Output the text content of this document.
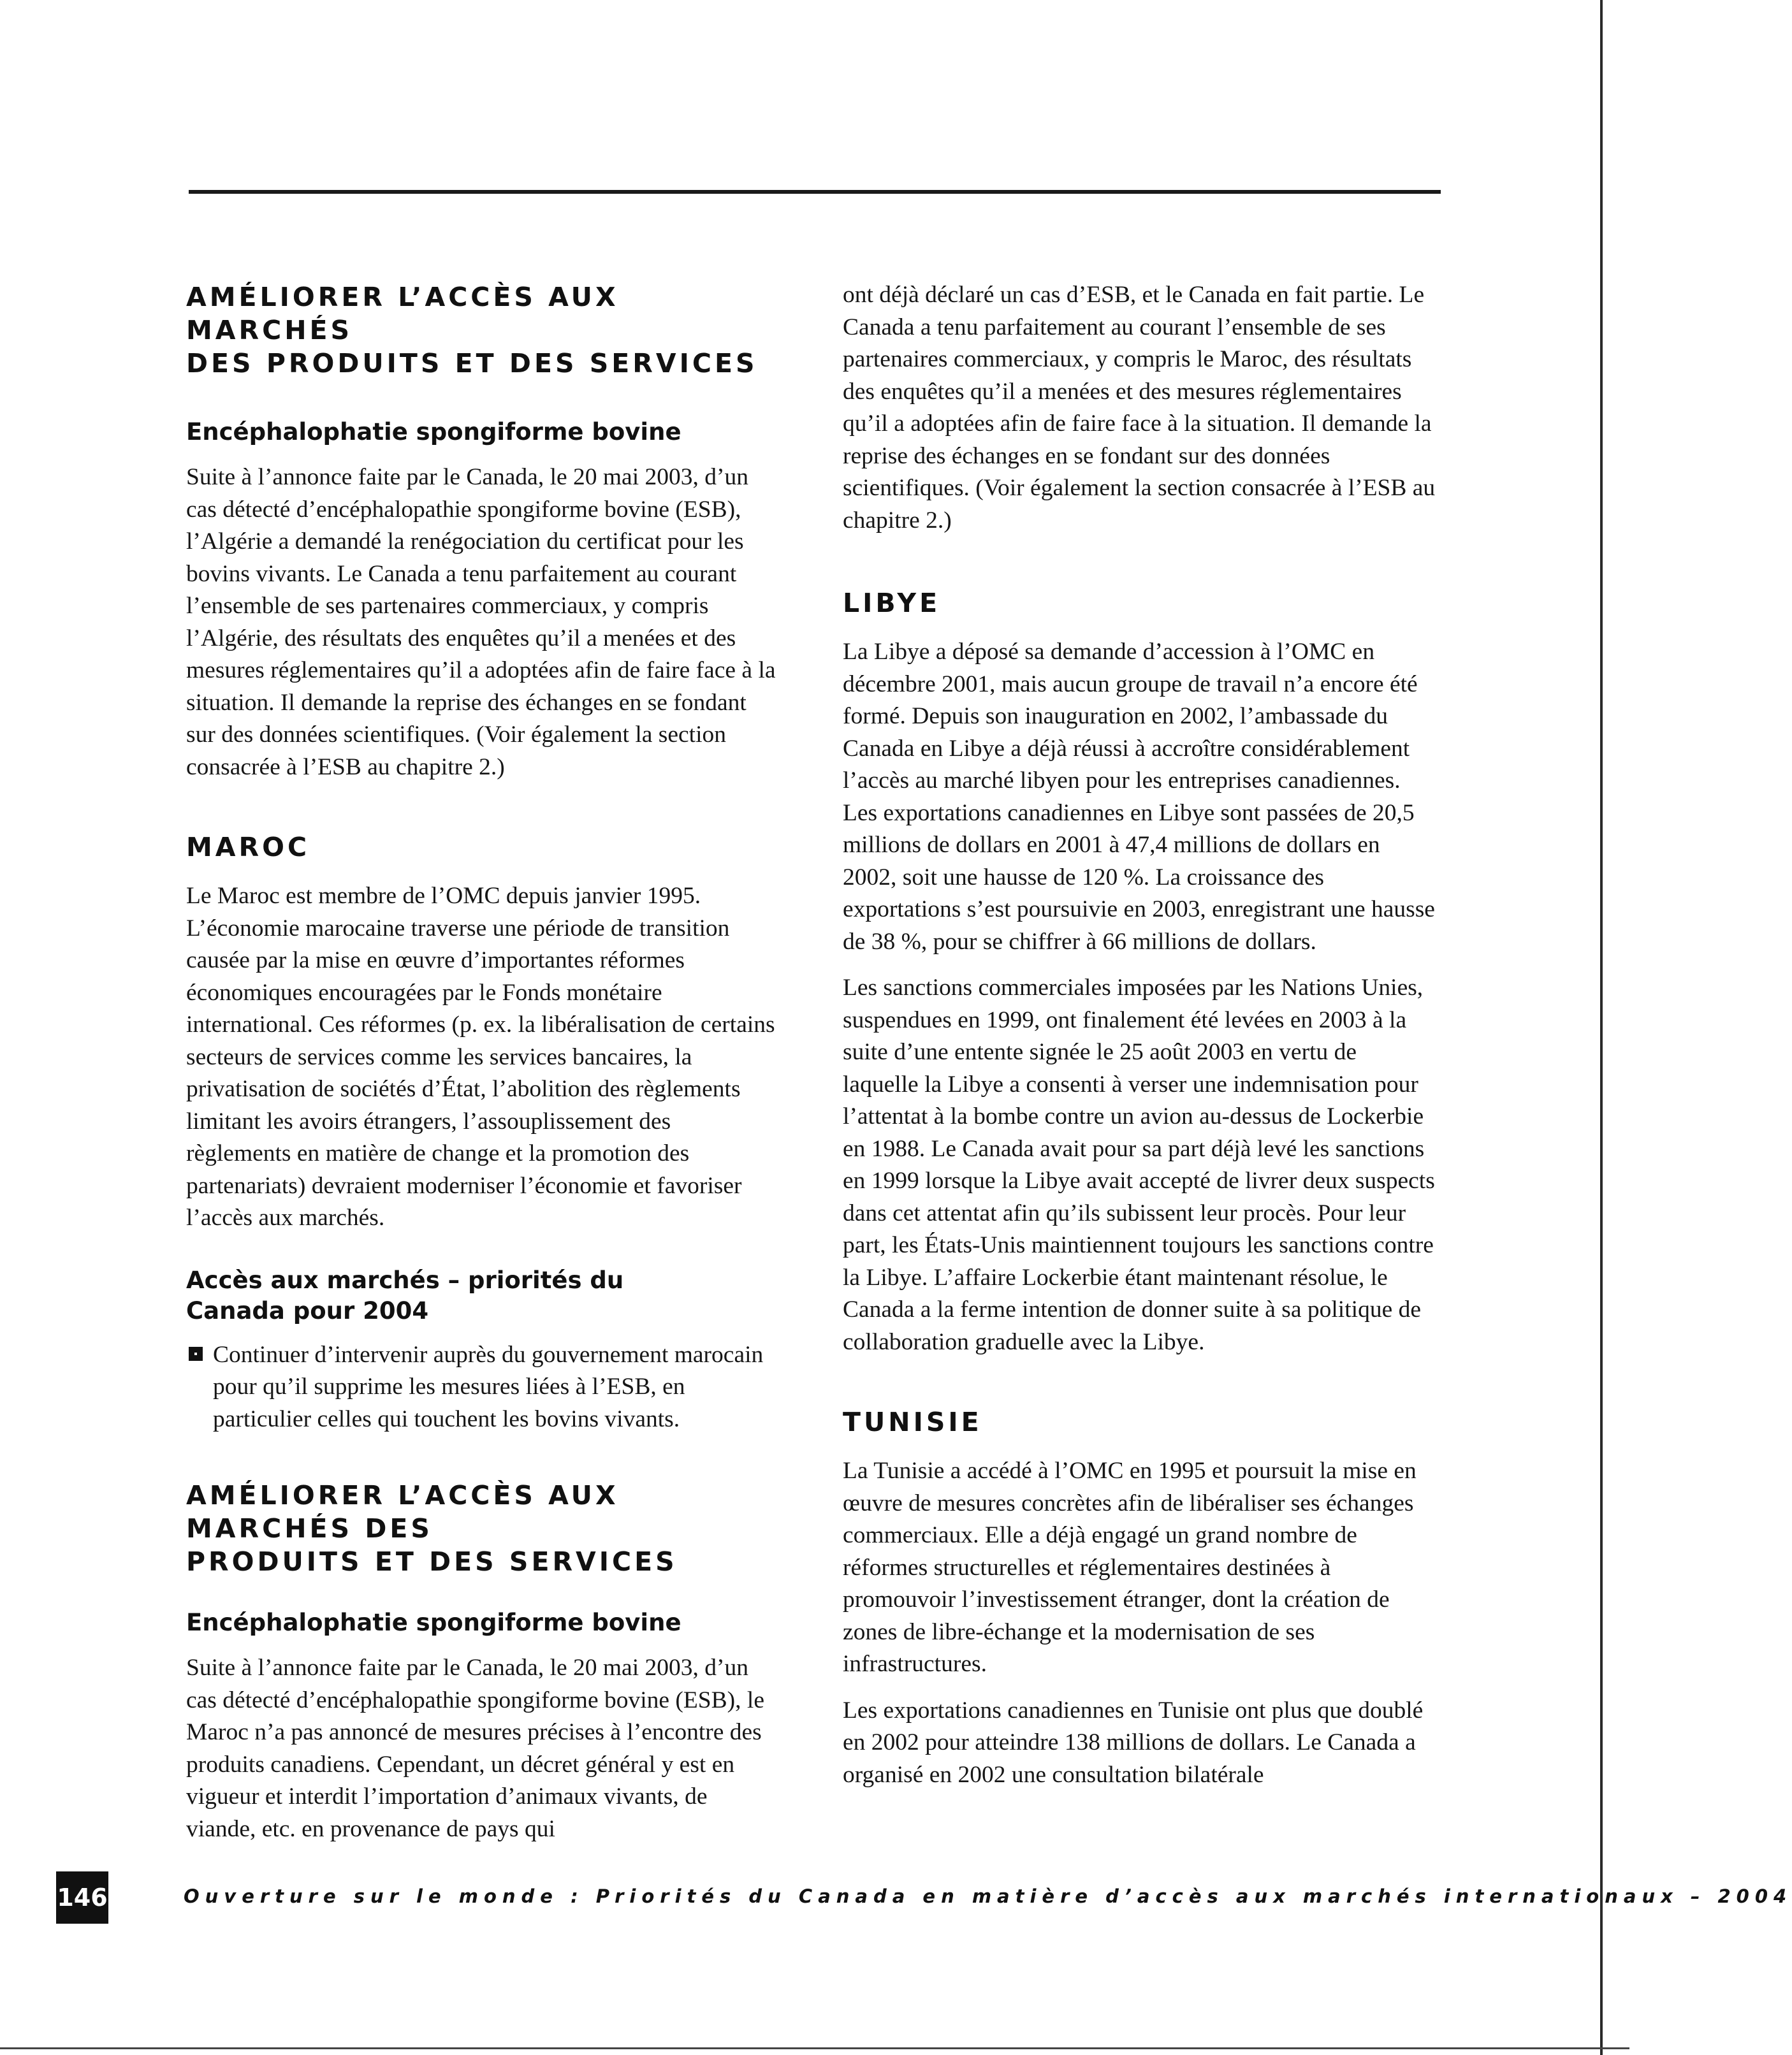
AMÉLIORER L’ACCÈS AUX MARCHÉS
DES PRODUITS ET DES SERVICES
Encéphalophatie spongiforme bovine

Suite à l’annonce faite par le Canada, le 20 mai 2003, d’un cas détecté d’encéphalopathie spongiforme bovine (ESB), l’Algérie a demandé la renégociation du certificat pour les bovins vivants. Le Canada a tenu parfaitement au courant l’ensemble de ses partenaires commerciaux, y compris l’Algérie, des résultats des enquêtes qu’il a menées et des mesures réglementaires qu’il a adoptées afin de faire face à la situation. Il demande la reprise des échanges en se fondant sur des données scientifiques. (Voir également la section consacrée à l’ESB au chapitre 2.)

MAROC

Le Maroc est membre de l’OMC depuis janvier 1995. L’économie marocaine traverse une période de transition causée par la mise en œuvre d’importantes réformes économiques encouragées par le Fonds monétaire international. Ces réformes (p. ex. la libéralisation de certains secteurs de services comme les services bancaires, la privatisation de sociétés d’État, l’abolition des règlements limitant les avoirs étrangers, l’assouplissement des règlements en matière de change et la promotion des partenariats) devraient moderniser l’économie et favoriser l’accès aux marchés.

Accès aux marchés – priorités du
Canada pour 2004

Continuer d’intervenir auprès du gouvernement marocain pour qu’il supprime les mesures liées à l’ESB, en particulier celles qui touchent les bovins vivants.

AMÉLIORER L’ACCÈS AUX MARCHÉS DES
PRODUITS ET DES SERVICES
Encéphalophatie spongiforme bovine

Suite à l’annonce faite par le Canada, le 20 mai 2003, d’un cas détecté d’encéphalopathie spongiforme bovine (ESB), le Maroc n’a pas annoncé de mesures précises à l’encontre des produits canadiens. Cependant, un décret général y est en vigueur et interdit l’importation d’animaux vivants, de viande, etc. en provenance de pays qui

ont déjà déclaré un cas d’ESB, et le Canada en fait partie. Le Canada a tenu parfaitement au courant l’ensemble de ses partenaires commerciaux, y compris le Maroc, des résultats des enquêtes qu’il a menées et des mesures réglementaires qu’il a adoptées afin de faire face à la situation. Il demande la reprise des échanges en se fondant sur des données scientifiques. (Voir également la section consacrée à l’ESB au chapitre 2.)

LIBYE

La Libye a déposé sa demande d’accession à l’OMC en décembre 2001, mais aucun groupe de travail n’a encore été formé. Depuis son inauguration en 2002, l’ambassade du Canada en Libye a déjà réussi à accroître considérablement l’accès au marché libyen pour les entreprises canadiennes. Les exportations canadiennes en Libye sont passées de 20,5 millions de dollars en 2001 à 47,4 millions de dollars en 2002, soit une hausse de 120 %. La croissance des exportations s’est poursuivie en 2003, enregistrant une hausse de 38 %, pour se chiffrer à 66 millions de dollars.

Les sanctions commerciales imposées par les Nations Unies, suspendues en 1999, ont finalement été levées en 2003 à la suite d’une entente signée le 25 août 2003 en vertu de laquelle la Libye a consenti à verser une indemnisation pour l’attentat à la bombe contre un avion au-dessus de Lockerbie en 1988. Le Canada avait pour sa part déjà levé les sanctions en 1999 lorsque la Libye avait accepté de livrer deux suspects dans cet attentat afin qu’ils subissent leur procès. Pour leur part, les États-Unis maintiennent toujours les sanctions contre la Libye. L’affaire Lockerbie étant maintenant résolue, le Canada a la ferme intention de donner suite à sa politique de collaboration graduelle avec la Libye.

TUNISIE

La Tunisie a accédé à l’OMC en 1995 et poursuit la mise en œuvre de mesures concrètes afin de libéraliser ses échanges commerciaux. Elle a déjà engagé un grand nombre de réformes structurelles et réglementaires destinées à promouvoir l’investissement étranger, dont la création de zones de libre-échange et la modernisation de ses infrastructures.

Les exportations canadiennes en Tunisie ont plus que doublé en 2002 pour atteindre 138 millions de dollars. Le Canada a organisé en 2002 une consultation bilatérale

146	Ouverture sur le monde : Priorités du Canada en matière d’accès aux marchés internationaux – 2004
